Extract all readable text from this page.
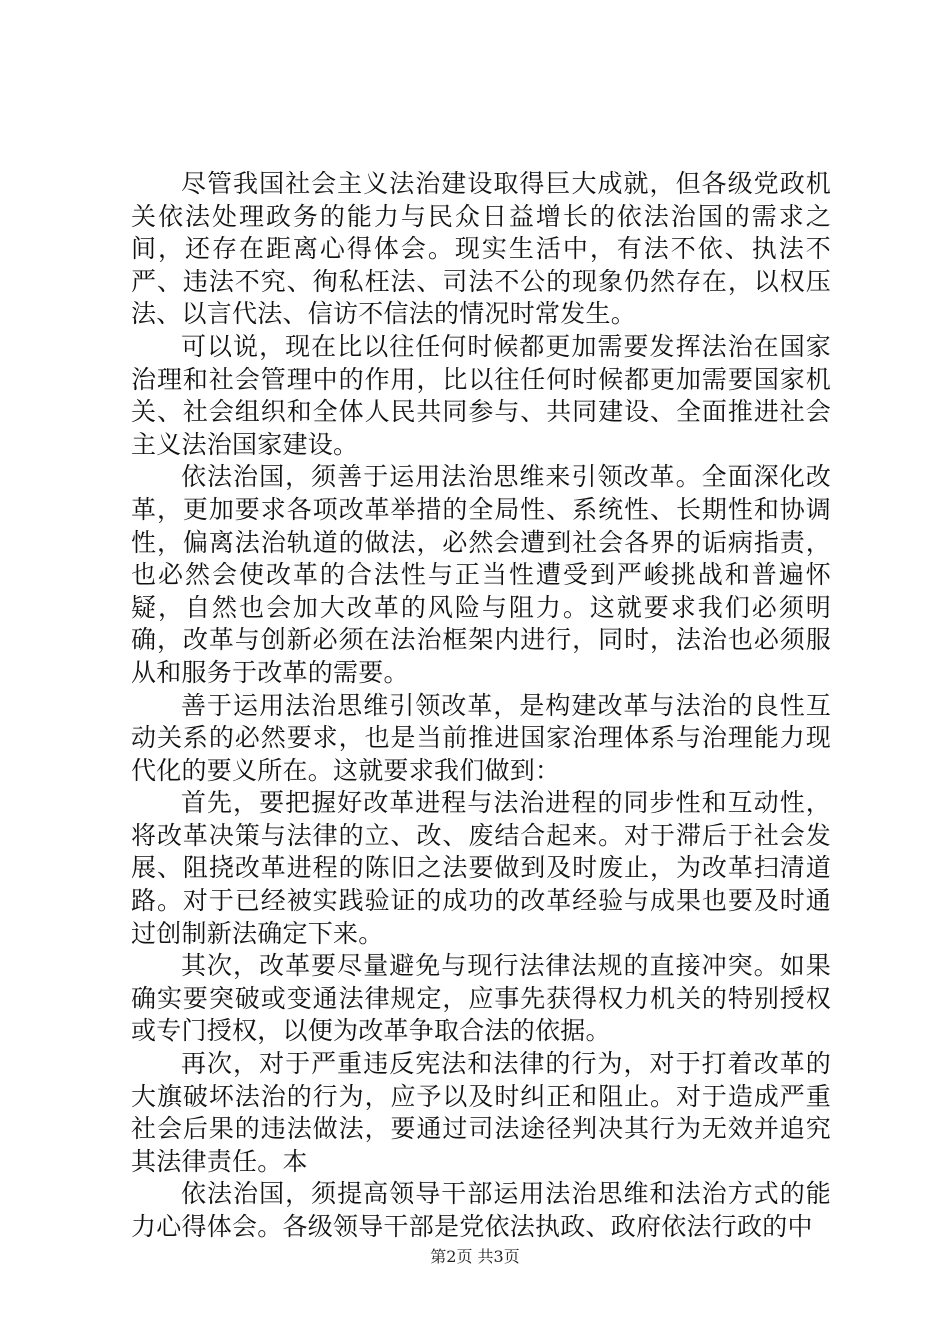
尽管我国社会主义法治建设取得巨大成就，但各级党政机关依法处理政务的能力与民众日益增长的依法治国的需求之间，还存在距离心得体会。现实生活中，有法不依、执法不严、违法不究、徇私枉法、司法不公的现象仍然存在，以权压法、以言代法、信访不信法的情况时常发生。

可以说，现在比以往任何时候都更加需要发挥法治在国家治理和社会管理中的作用，比以往任何时候都更加需要国家机关、社会组织和全体人民共同参与、共同建设、全面推进社会主义法治国家建设。

依法治国，须善于运用法治思维来引领改革。全面深化改革，更加要求各项改革举措的全局性、系统性、长期性和协调性，偏离法治轨道的做法，必然会遭到社会各界的诟病指责，也必然会使改革的合法性与正当性遭受到严峻挑战和普遍怀疑，自然也会加大改革的风险与阻力。这就要求我们必须明确，改革与创新必须在法治框架内进行，同时，法治也必须服从和服务于改革的需要。

善于运用法治思维引领改革，是构建改革与法治的良性互动关系的必然要求，也是当前推进国家治理体系与治理能力现代化的要义所在。这就要求我们做到：

首先，要把握好改革进程与法治进程的同步性和互动性，将改革决策与法律的立、改、废结合起来。对于滞后于社会发展、阻挠改革进程的陈旧之法要做到及时废止，为改革扫清道路。对于已经被实践验证的成功的改革经验与成果也要及时通过创制新法确定下来。

其次，改革要尽量避免与现行法律法规的直接冲突。如果确实要突破或变通法律规定，应事先获得权力机关的特别授权或专门授权，以便为改革争取合法的依据。

再次，对于严重违反宪法和法律的行为，对于打着改革的大旗破坏法治的行为，应予以及时纠正和阻止。对于造成严重社会后果的违法做法，要通过司法途径判决其行为无效并追究其法律责任。本

依法治国，须提高领导干部运用法治思维和法治方式的能力心得体会。各级领导干部是党依法执政、政府依法行政的中

第2页 共3页
